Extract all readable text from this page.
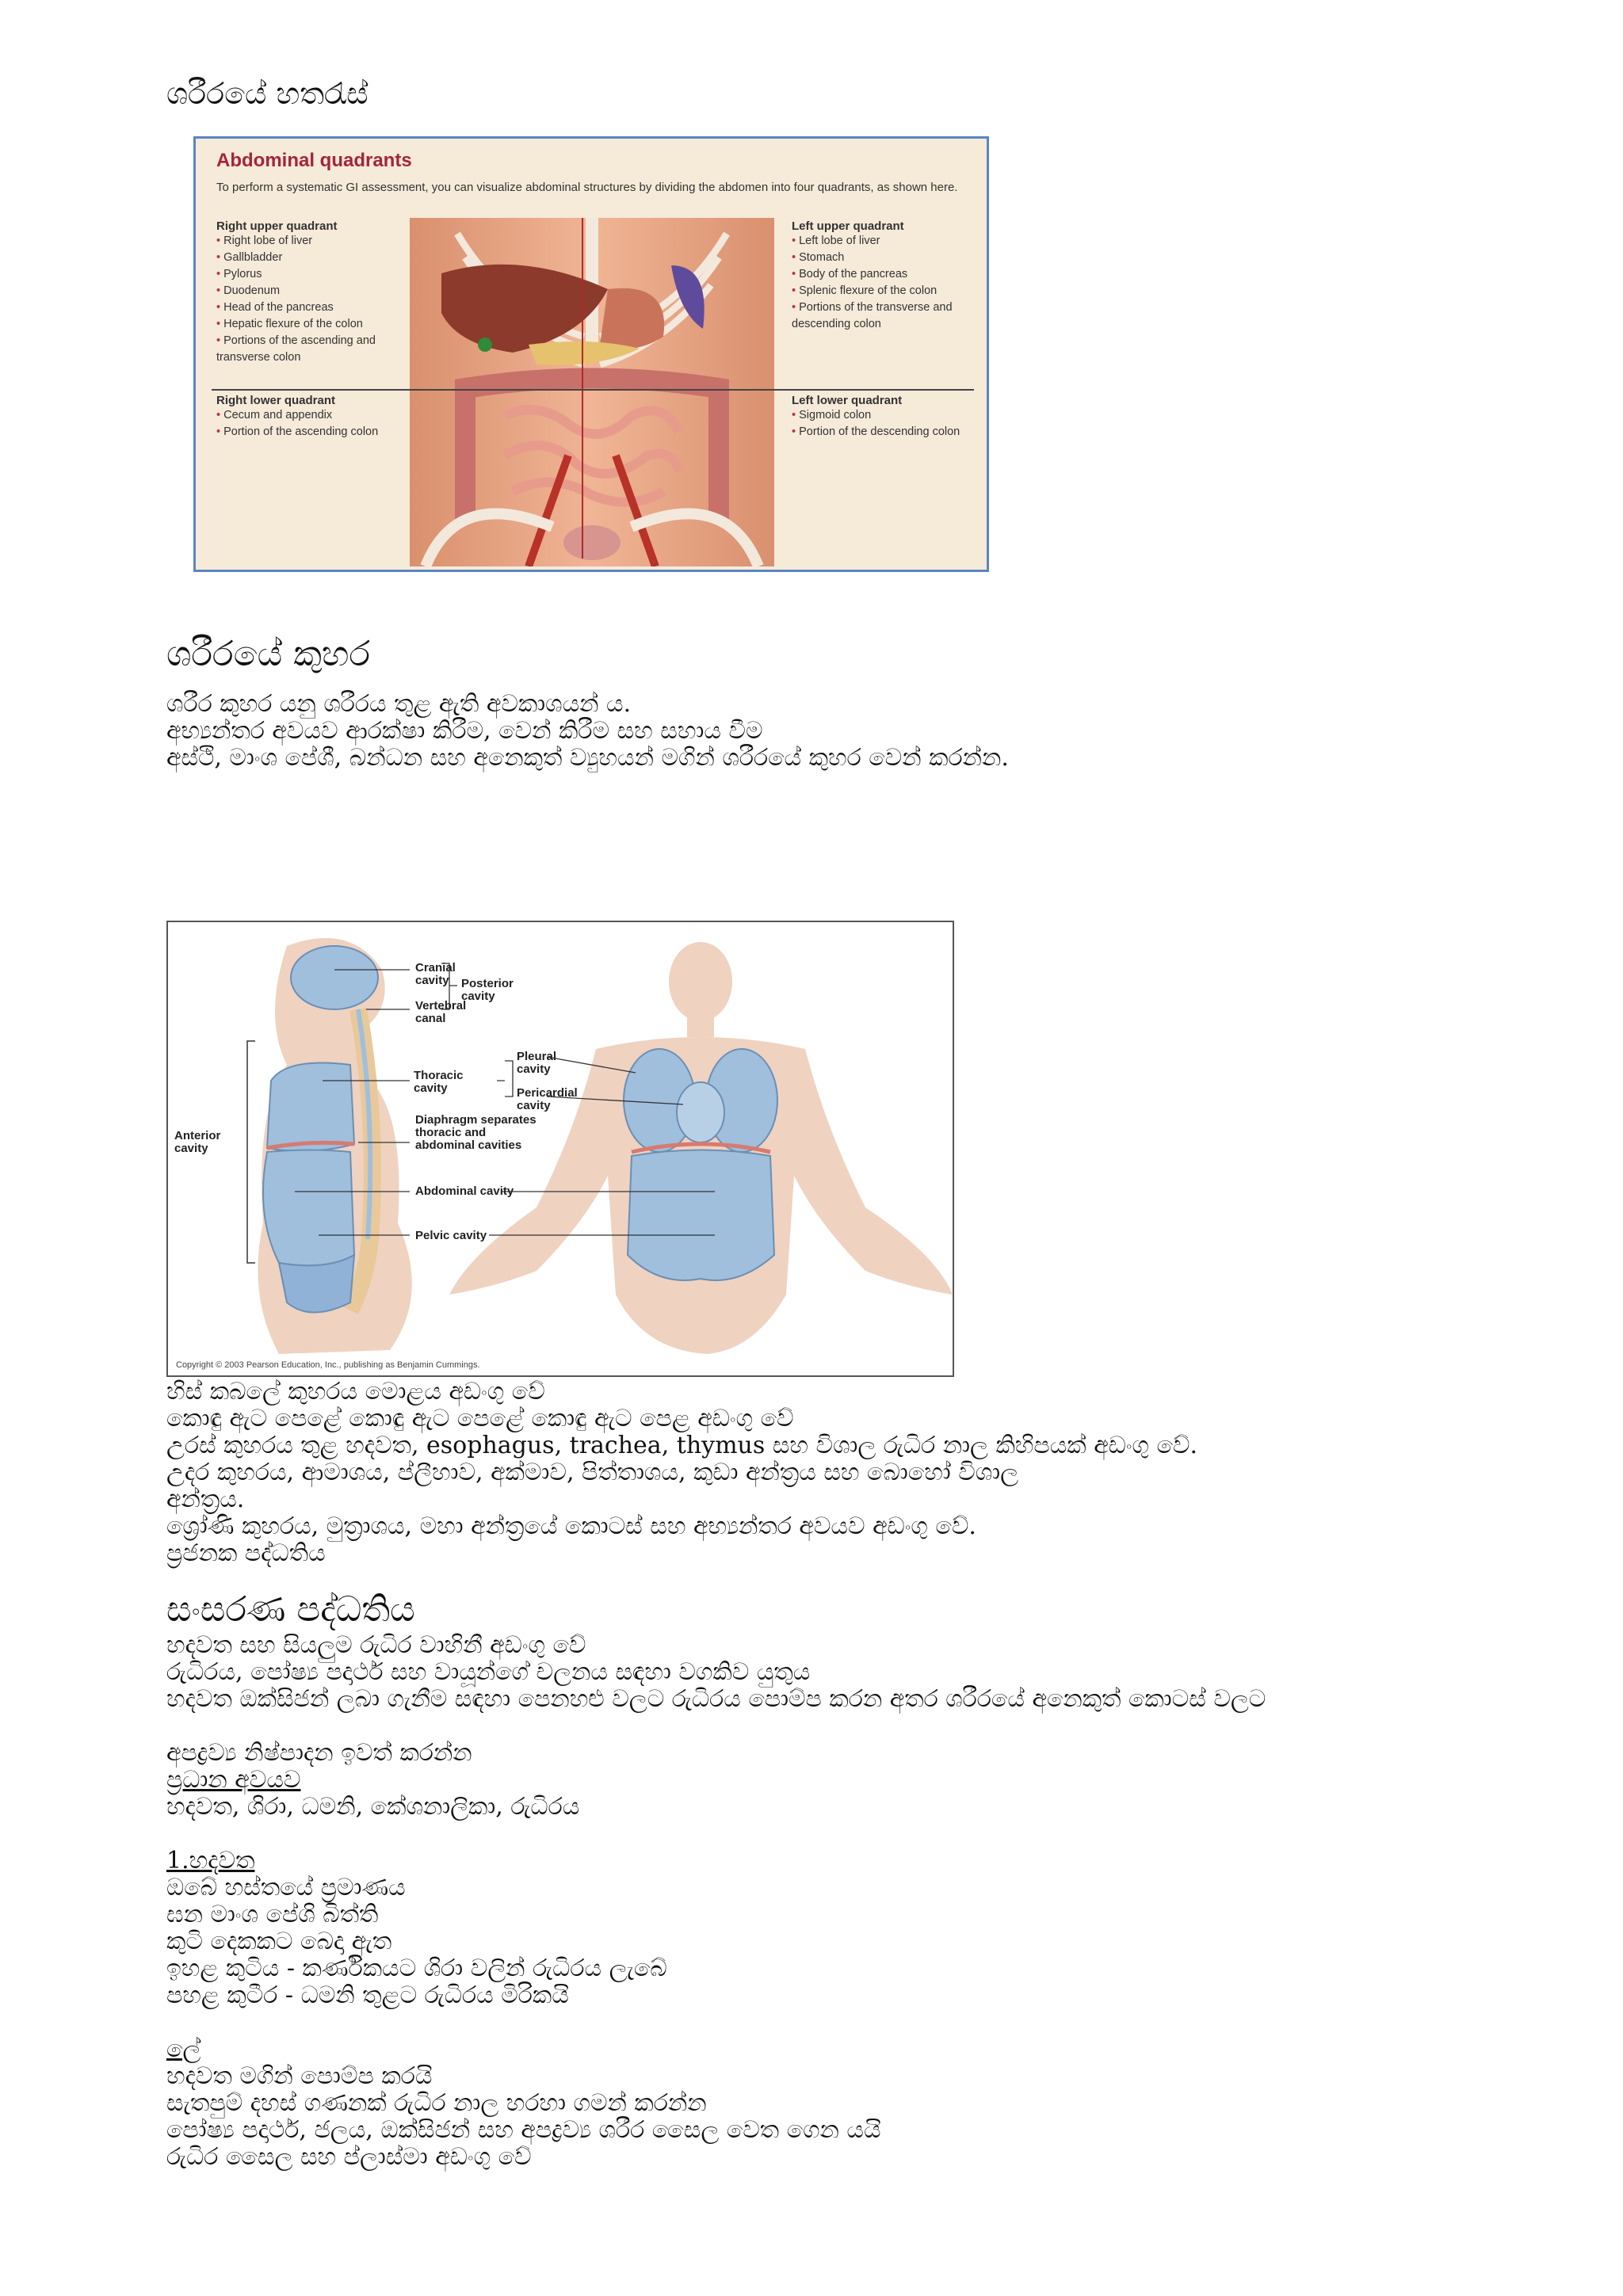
ශරීරයේ හතරැස්
Abdominal quadrants
To perform a systematic GI assessment, you can visualize abdominal structures by dividing the abdomen into four quadrants, as shown here.
Right upper quadrant
• Right lobe of liver
• Gallbladder
• Pylorus
• Duodenum
• Head of the pancreas
• Hepatic flexure of the colon
• Portions of the ascending and transverse colon
Left upper quadrant
• Left lobe of liver
• Stomach
• Body of the pancreas
• Splenic flexure of the colon
• Portions of the transverse and descending colon
Right lower quadrant
• Cecum and appendix
• Portion of the ascending colon
Left lower quadrant
• Sigmoid colon
• Portion of the descending colon
ශරීරයේ කුහර
ශරීර කුහර යනු ශරීරය තුළ ඇති අවකාශයන් ය.
අභ්‍යන්තර අවයව ආරක්ෂා කිරීම, වෙන් කිරීම සහ සහාය වීම
අස්ථි, මාංශ පේශී, බන්ධන සහ අනෙකුත් ව්‍යුහයන් මගින් ශරීරයේ කුහර වෙන් කරන්න.
Cranial cavity
Vertebral canal
Posterior cavity
Thoracic cavity
Pleural cavity
Pericardial cavity
Anterior cavity
Diaphragm separates thoracic and abdominal cavities
Abdominal cavity
Pelvic cavity
Copyright © 2003 Pearson Education, Inc., publishing as Benjamin Cummings.
හිස් කබලේ කුහරය මොළය අඩංගු වේ
කොඳු ඇට පෙළේ කොඳු ඇට පෙළේ කොඳු ඇට පෙළ අඩංගු වේ
උරස් කුහරය තුළ හදවත, esophagus, trachea, thymus සහ විශාල රුධිර නාල කිහිපයක් අඩංගු වේ.
උදර කුහරය, ආමාශය, ප්ලීහාව, අක්මාව, පිත්තාශය, කුඩා අන්ත්‍රය සහ බොහෝ විශාල
අන්ත්‍රය.
ශ්‍රෝණි කුහරය, මුත්‍රාශය, මහා අන්ත්‍රයේ කොටස් සහ අභ්‍යන්තර අවයව අඩංගු වේ.
ප්‍රජනක පද්ධතිය
සංසරණ පද්ධතිය
හදවත සහ සියලුම රුධිර වාහිනී අඩංගු වේ
රුධිරය, පෝෂ්‍ය පදාර්ථ සහ වායූන්ගේ චලනය සඳහා වගකිව යුතුය
හදවත ඔක්සිජන් ලබා ගැනීම සඳහා පෙනහළු වලට රුධිරය පොම්ප කරන අතර ශරීරයේ අනෙකුත් කොටස් වලට
අපද්‍රව්‍ය නිෂ්පාදන ඉවත් කරන්න
ප්‍රධාන අවයව
හදවත, ශිරා, ධමනි, කේශනාලිකා, රුධිරය
1.හදවත
ඔබේ හස්තයේ ප්‍රමාණය
ඝන මාංශ පේශි බිත්ති
කුටි දෙකකට බෙදා ඇත
ඉහළ කුටිය - කර්ණිකයට ශිරා වලින් රුධිරය ලැබේ
පහළ කුටීර - ධමනි තුළට රුධිරය මිරිකයි
ලේ
හදවත මගින් පොම්ප කරයි
සැතපුම් දහස් ගණනක් රුධිර නාල හරහා ගමන් කරන්න
පෝෂ්‍ය පදාර්ථ, ජලය, ඔක්සිජන් සහ අපද්‍රව්‍ය ශරීර සෛල වෙත ගෙන යයි
රුධිර සෛල සහ ප්ලාස්මා අඩංගු වේ
